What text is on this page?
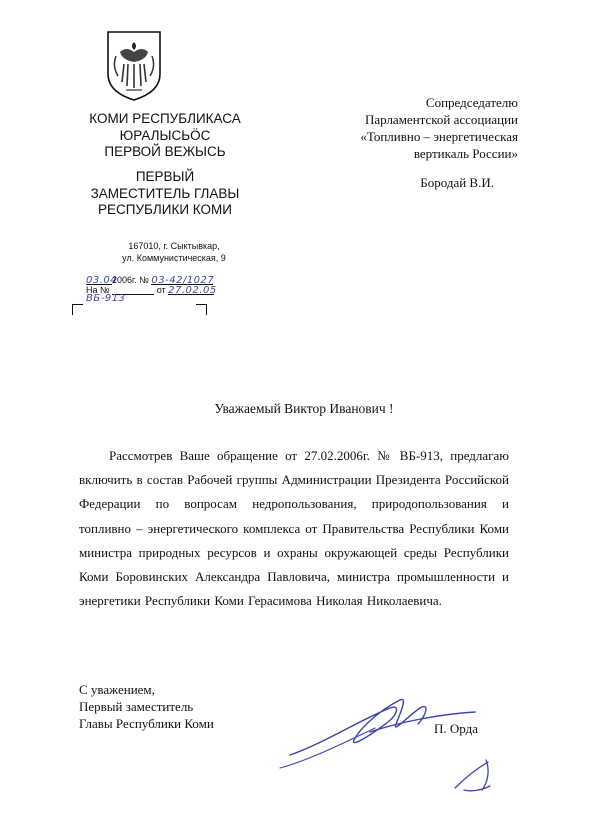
КОМИ РЕСПУБЛИКАСА
ЮРАЛЫСЬÖС
ПЕРВОЙ ВЕЖЫСЬ
ПЕРВЫЙ
ЗАМЕСТИТЕЛЬ ГЛАВЫ
РЕСПУБЛИКИ КОМИ
167010, г. Сыктывкар,
ул. Коммунистическая, 9
03.042006г. № 03-42/1027
На №	от 27.02.05
ВБ-913
Сопредседателю
Парламентской ассоциации
«Топливно – энергетическая
вертикаль России»
Бородай В.И.
Уважаемый Виктор Иванович !
Рассмотрев Ваше обращение от 27.02.2006г. № ВБ-913, предлагаю включить в состав Рабочей группы Администрации Президента Российской Федерации по вопросам недропользования, природопользования и топливно – энергетического комплекса от Правительства Республики Коми министра природных ресурсов и охраны окружающей среды Республики Коми Боровинских Александра Павловича, министра промышленности и энергетики Республики Коми Герасимова Николая Николаевича.
С уважением,
Первый заместитель
Главы Республики Коми	П. Орда
